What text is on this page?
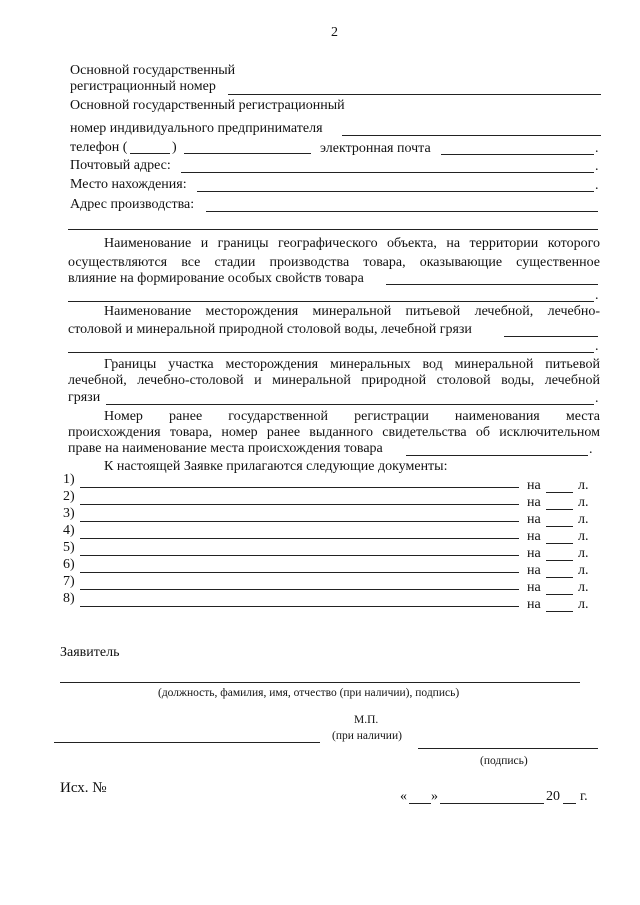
2
Основной государственный
регистрационный номер
Основной государственный регистрационный
номер индивидуального предпринимателя
телефон (	)	электронная почта	.
Почтовый адрес:	.
Место нахождения:	.
Адрес производства:
Наименование и границы географического объекта, на территории которого
осуществляются все стадии производства товара, оказывающие существенное
влияние на формирование особых свойств товара
.
Наименование месторождения минеральной питьевой лечебной, лечебно-
столовой и минеральной природной столовой воды, лечебной грязи
.
Границы участка месторождения минеральных вод минеральной питьевой
лечебной, лечебно-столовой и минеральной природной столовой воды, лечебной
грязи	.
Номер ранее государственной регистрации наименования места
происхождения товара, номер ранее выданного свидетельства об исключительном
праве на наименование места происхождения товара	.
К настоящей Заявке прилагаются следующие документы:
1)	на	л.
2)	на	л.
3)	на	л.
4)	на	л.
5)	на	л.
6)	на	л.
7)	на	л.
8)	на	л.
Заявитель
(должность, фамилия, имя, отчество (при наличии), подпись)
М.П.
(при наличии)
(подпись)
Исх. №
« »	20 г.
